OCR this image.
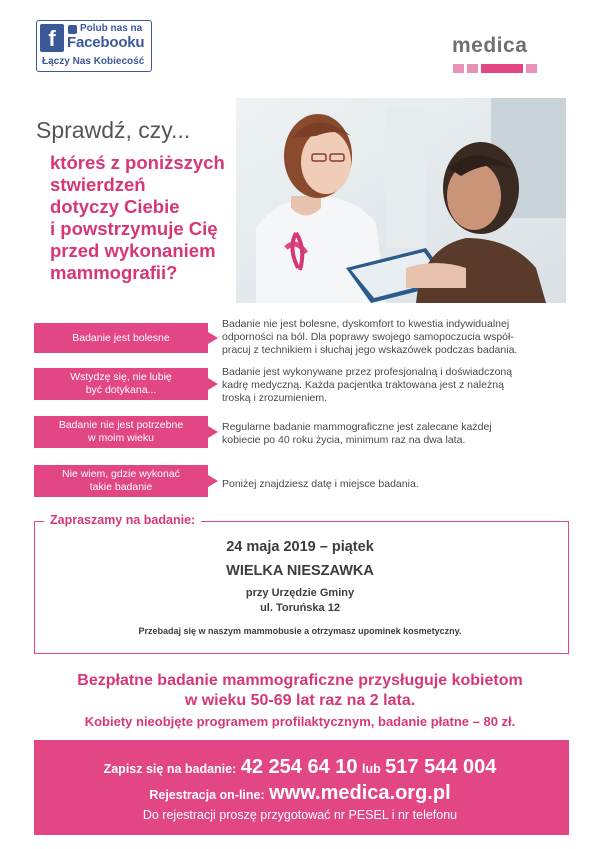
f	Polub nas na
Facebooku
Łączy Nas Kobiecość
medica
Sprawdź, czy...
któreś z poniższych
stwierdzeń
dotyczy Ciebie
i powstrzymuje Cię
przed wykonaniem
mammografii?
Badanie jest bolesne
Badanie nie jest bolesne, dyskomfort to kwestia indywidualnej
odporności na ból. Dla poprawy swojego samopoczucia współ-
pracuj z technikiem i słuchaj jego wskazówek podczas badania.
Wstydzę się, nie lubię
być dotykana...
Badanie jest wykonywane przez profesjonalną i doświadczoną
kadrę medyczną. Każda pacjentka traktowana jest z należną
troską i zrozumieniem.
Badanie nie jest potrzebne
w moim wieku
Regularne badanie mammograficzne jest zalecane każdej
kobiecie po 40 roku życia, minimum raz na dwa lata.
Nie wiem, gdzie wykonać
takie badanie	Poniżej znajdziesz datę i miejsce badania.
Zapraszamy na badanie:
24 maja 2019 – piątek
WIELKA NIESZAWKA
przy Urzędzie Gminy
ul. Toruńska 12
Przebadaj się w naszym mammobusie a otrzymasz upominek kosmetyczny.
Bezpłatne badanie mammograficzne przysługuje kobietom
w wieku 50-69 lat raz na 2 lata.
Kobiety nieobjęte programem profilaktycznym, badanie płatne – 80 zł.
Zapisz się na badanie: 42 254 64 10 lub 517 544 004
Rejestracja on-line: www.medica.org.pl
Do rejestracji proszę przygotować nr PESEL i nr telefonu
